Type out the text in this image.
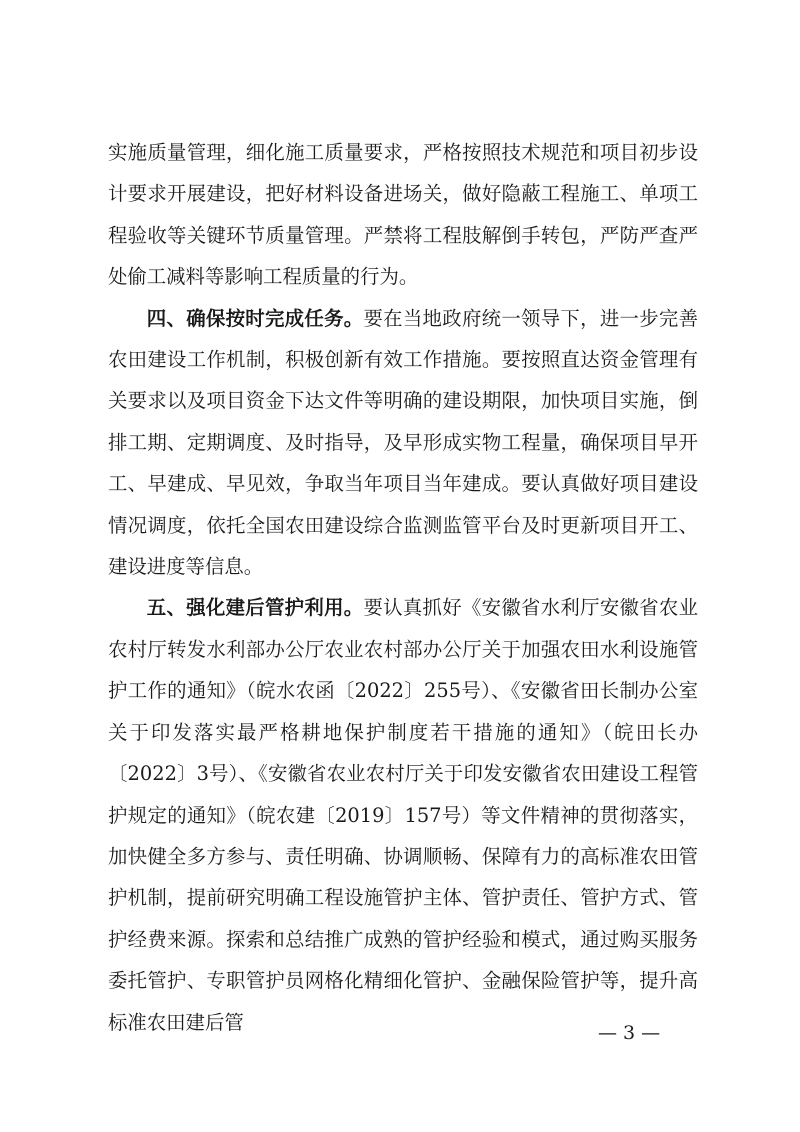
实施质量管理，细化施工质量要求，严格按照技术规范和项目初步设计要求开展建设，把好材料设备进场关，做好隐蔽工程施工、单项工程验收等关键环节质量管理。严禁将工程肢解倒手转包，严防严查严处偷工减料等影响工程质量的行为。

四、确保按时完成任务。要在当地政府统一领导下，进一步完善农田建设工作机制，积极创新有效工作措施。要按照直达资金管理有关要求以及项目资金下达文件等明确的建设期限，加快项目实施，倒排工期、定期调度、及时指导，及早形成实物工程量，确保项目早开工、早建成、早见效，争取当年项目当年建成。要认真做好项目建设情况调度，依托全国农田建设综合监测监管平台及时更新项目开工、建设进度等信息。

五、强化建后管护利用。要认真抓好《安徽省水利厅安徽省农业农村厅转发水利部办公厅农业农村部办公厅关于加强农田水利设施管护工作的通知》（皖水农函〔2022〕255号）、《安徽省田长制办公室关于印发落实最严格耕地保护制度若干措施的通知》（皖田长办〔2022〕3号）、《安徽省农业农村厅关于印发安徽省农田建设工程管护规定的通知》（皖农建〔2019〕157号）等文件精神的贯彻落实，加快健全多方参与、责任明确、协调顺畅、保障有力的高标准农田管护机制，提前研究明确工程设施管护主体、管护责任、管护方式、管护经费来源。探索和总结推广成熟的管护经验和模式，通过购买服务委托管护、专职管护员网格化精细化管护、金融保险管护等，提升高标准农田建后管	— 3 —
